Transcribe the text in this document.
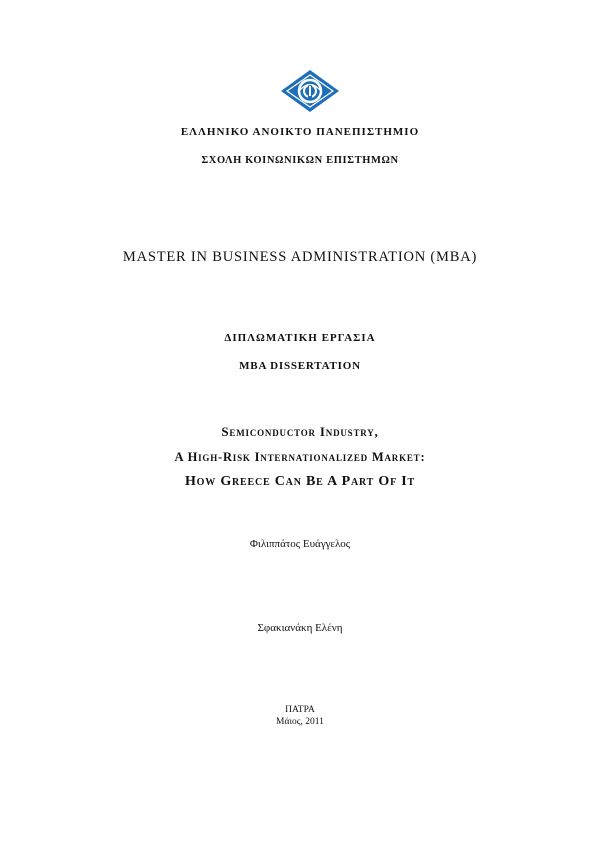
ΕΛΛΗΝΙΚΟ ΑΝΟΙΚΤΟ ΠΑΝΕΠΙΣΤΗΜΙΟ
ΣΧΟΛΗ ΚΟΙΝΩΝΙΚΩΝ ΕΠΙΣΤΗΜΩΝ
MASTER IN BUSINESS ADMINISTRATION (MBA)
ΔΙΠΛΩΜΑΤΙΚΗ ΕΡΓΑΣΙΑ
MBA DISSERTATION
Semiconductor Industry,
A High-Risk Internationalized Market:
How Greece Can Be A Part Of It
Φιλιππάτος Ευάγγελος
Σφακιανάκη Ελένη
ΠΑΤΡΑ
Μάιος, 2011
